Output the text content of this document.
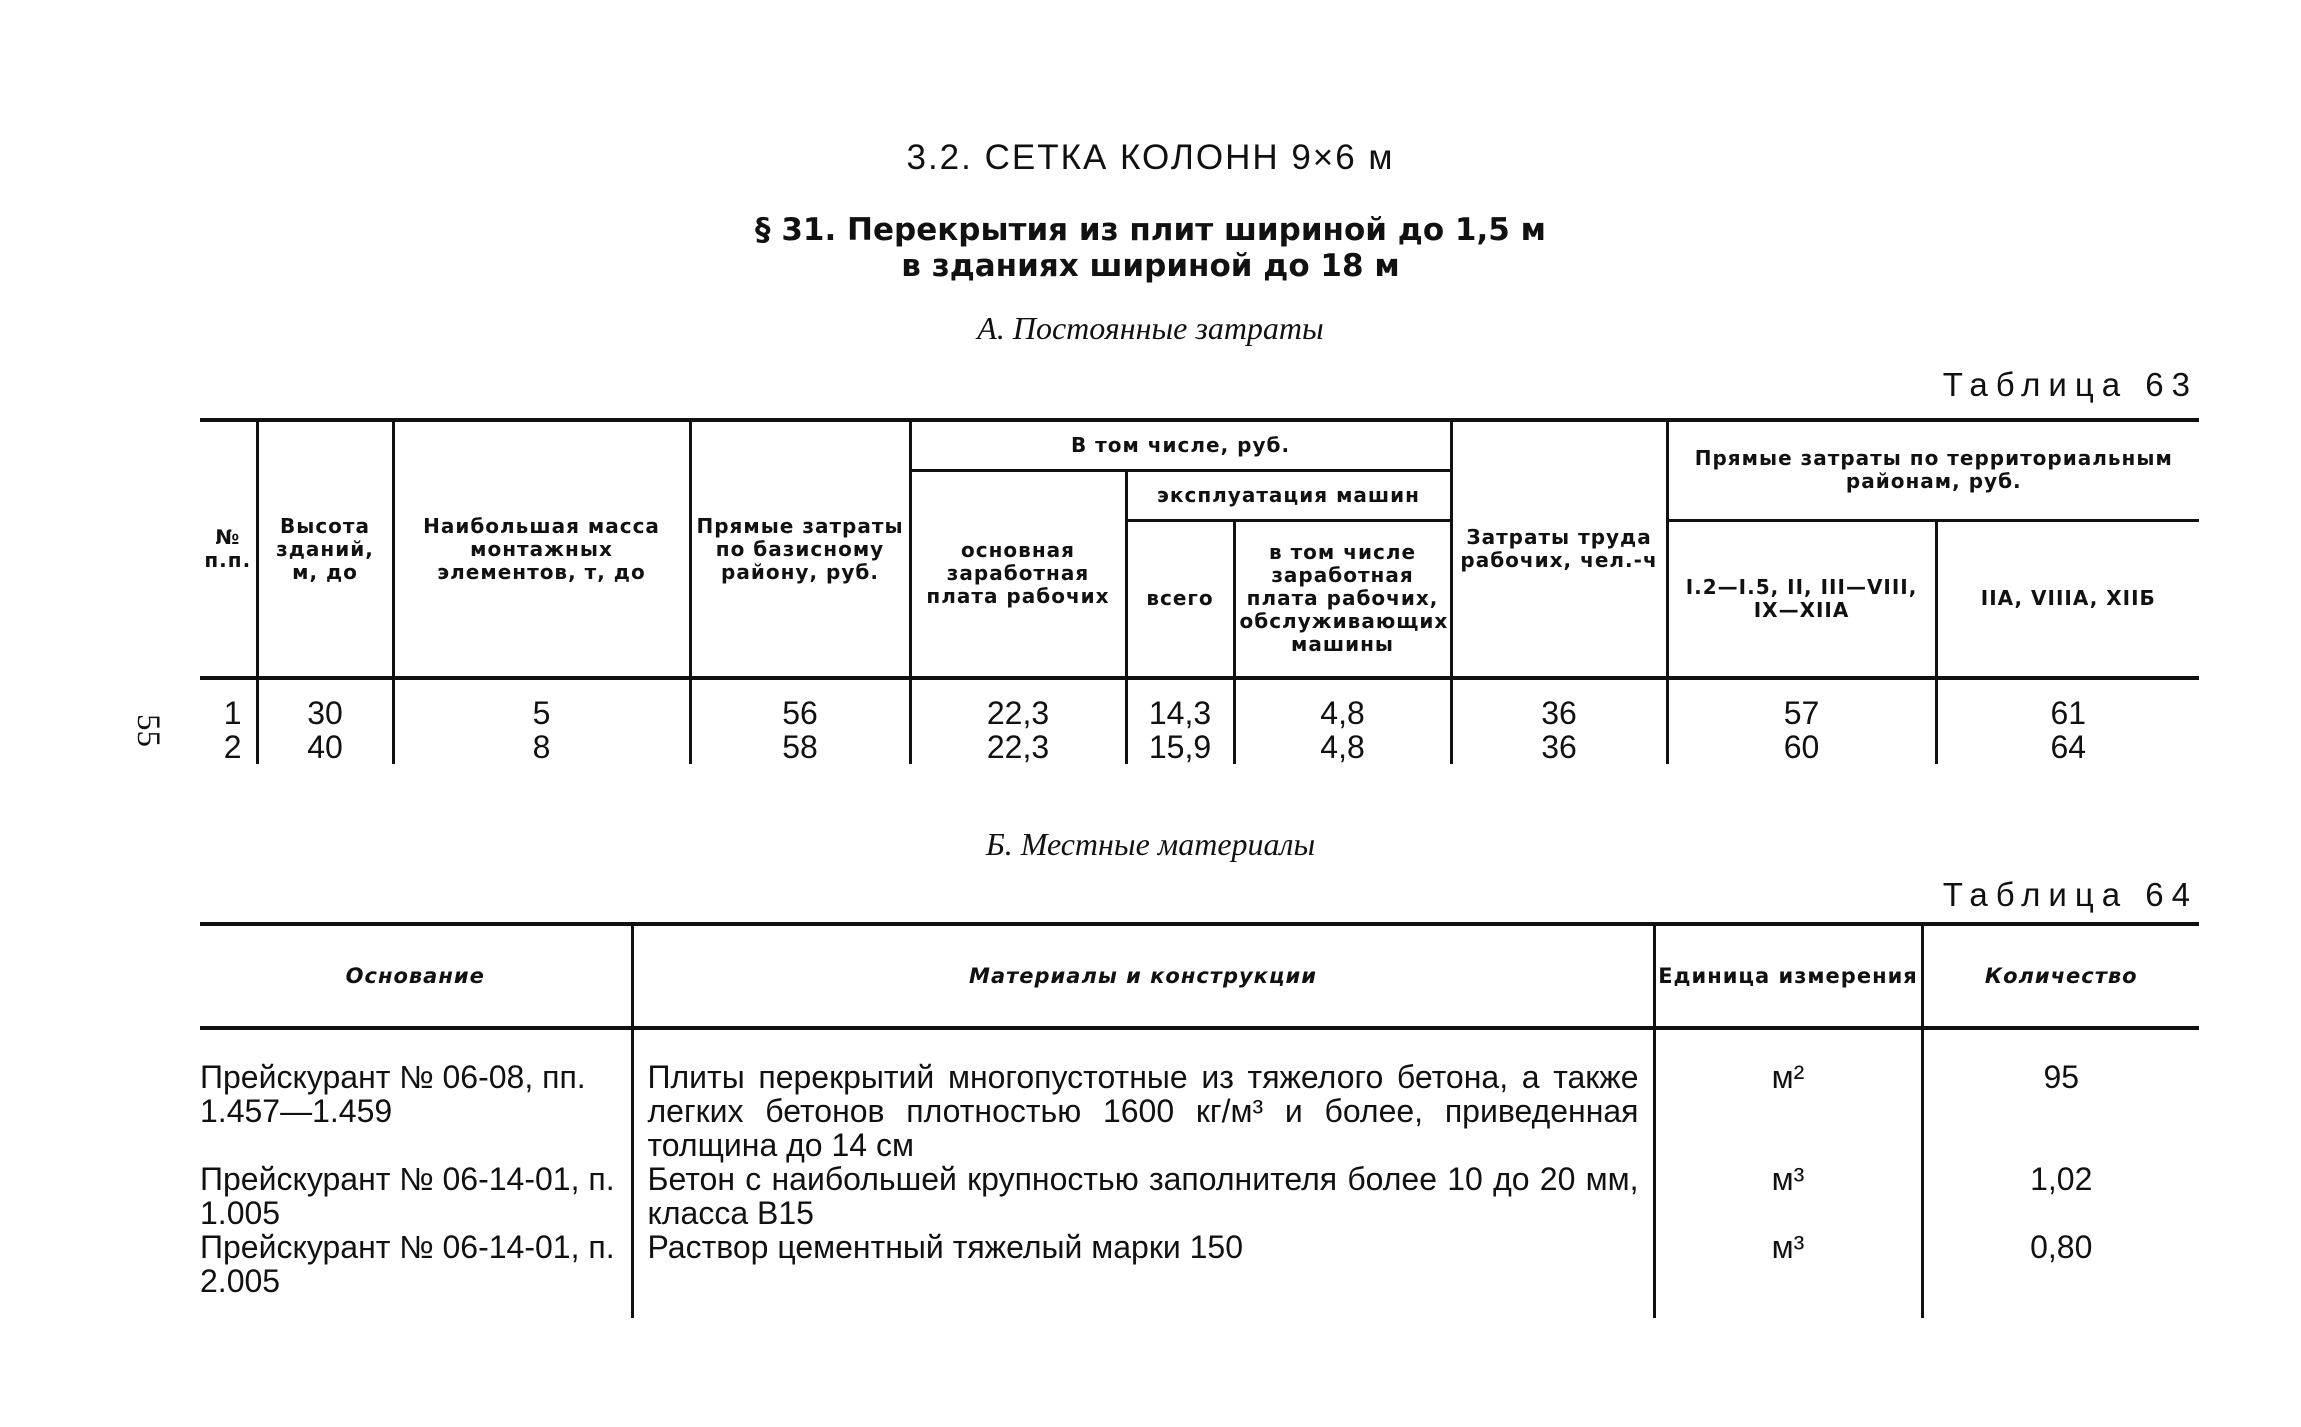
3.2. СЕТКА КОЛОНН 9×6 м
§ 31. Перекрытия из плит шириной до 1,5 м
в зданиях шириной до 18 м
А. Постоянные затраты
Таблица 63
55
№ п.п.	Высота зданий, м, до	Наибольшая масса монтажных элементов, т, до	Прямые затраты по базисному району, руб.	В том числе, руб.			Затраты труда рабочих, чел.-ч	Прямые затраты по территориальным районам, руб.	
				основная заработная плата рабочих	эксплуатация машин				
					всего	в том числе заработная плата рабочих, обслуживающих машины		I.2—I.5, II, III—VIII, IX—XIIA	IIA, VIIIA, XIIБ
1	30	5	56	22,3	14,3	4,8	36	57	61
2	40	8	58	22,3	15,9	4,8	36	60	64
Б. Местные материалы
Таблица 64
Основание	Материалы и конструкции	Единица измерения	Количество
Прейскурант № 06-08, пп. 1.457—1.459	Плиты перекрытий многопустотные из тяжелого бетона, а также легких бетонов плотностью 1600 кг/м³ и более, приведенная толщина до 14 см	м²	95
Прейскурант № 06-14-01, п. 1.005	Бетон с наибольшей крупностью заполнителя более 10 до 20 мм, класса В15	м³	1,02
Прейскурант № 06-14-01, п. 2.005	Раствор цементный тяжелый марки 150	м³	0,80
